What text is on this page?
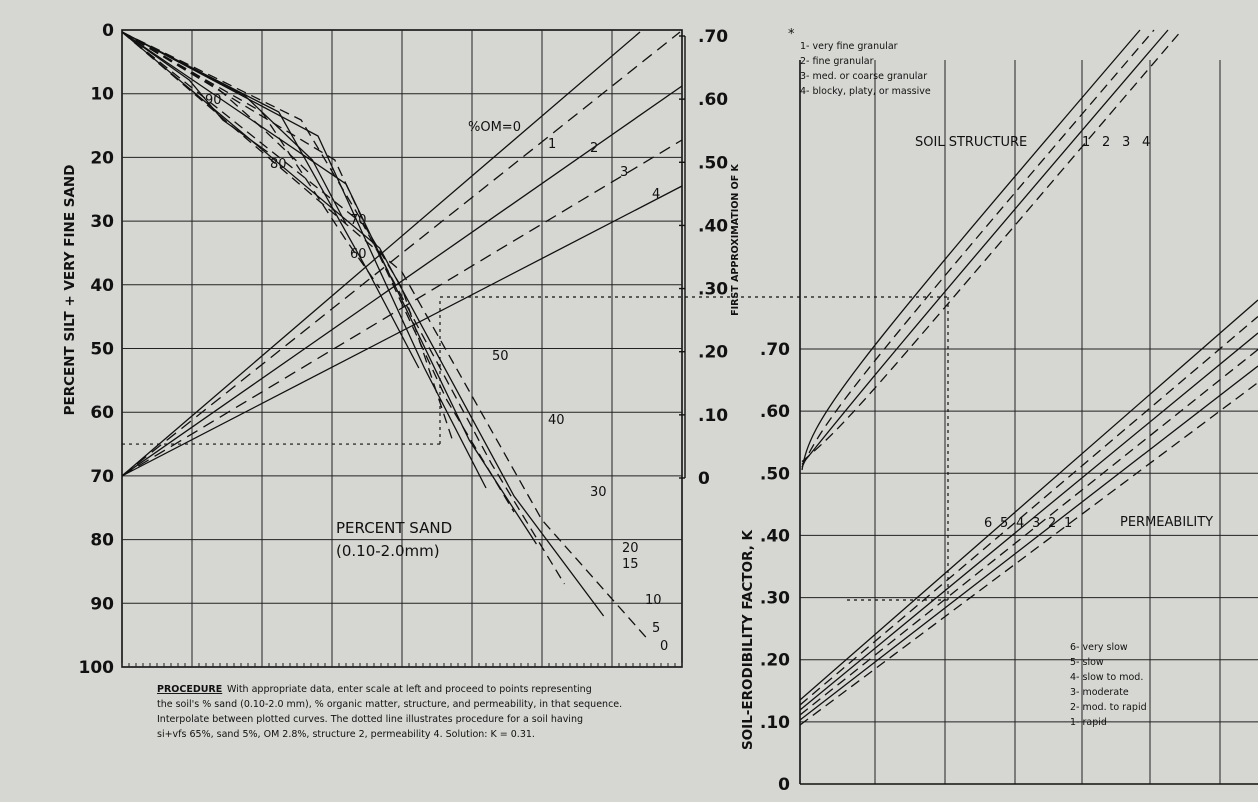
0
10
20
30
40
50
60
70
80
90
100
1	2
3
4
90
80
70
60
50
40
30
20
15
10
5
0
0
.10
.20
.30
.40
.50
.60
.70
0
.10
.20
.30
.40
.50
.60
.70
PERCENT SILT + VERY FINE SAND	FIRST APPROXIMATION OF K
SOIL-ERODIBILITY FACTOR, K
%OM=0
PERCENT SAND
(0.10-2.0mm)
*
1- very fine granular
2- fine granular
3- med. or coarse granular
4- blocky, platy, or massive
SOIL STRUCTURE	1 2 3 4
PERMEABILITY
6 5 4 3 2 1
6- very slow
5- slow
4- slow to mod.
3- moderate
2- mod. to rapid
1- rapid
PROCEDURE With appropriate data, enter scale at left and proceed to points representing
the soil's % sand (0.10-2.0 mm), % organic matter, structure, and permeability, in that sequence.
Interpolate between plotted curves. The dotted line illustrates procedure for a soil having
si+vfs 65%, sand 5%, OM 2.8%, structure 2, permeability 4. Solution: K = 0.31.
